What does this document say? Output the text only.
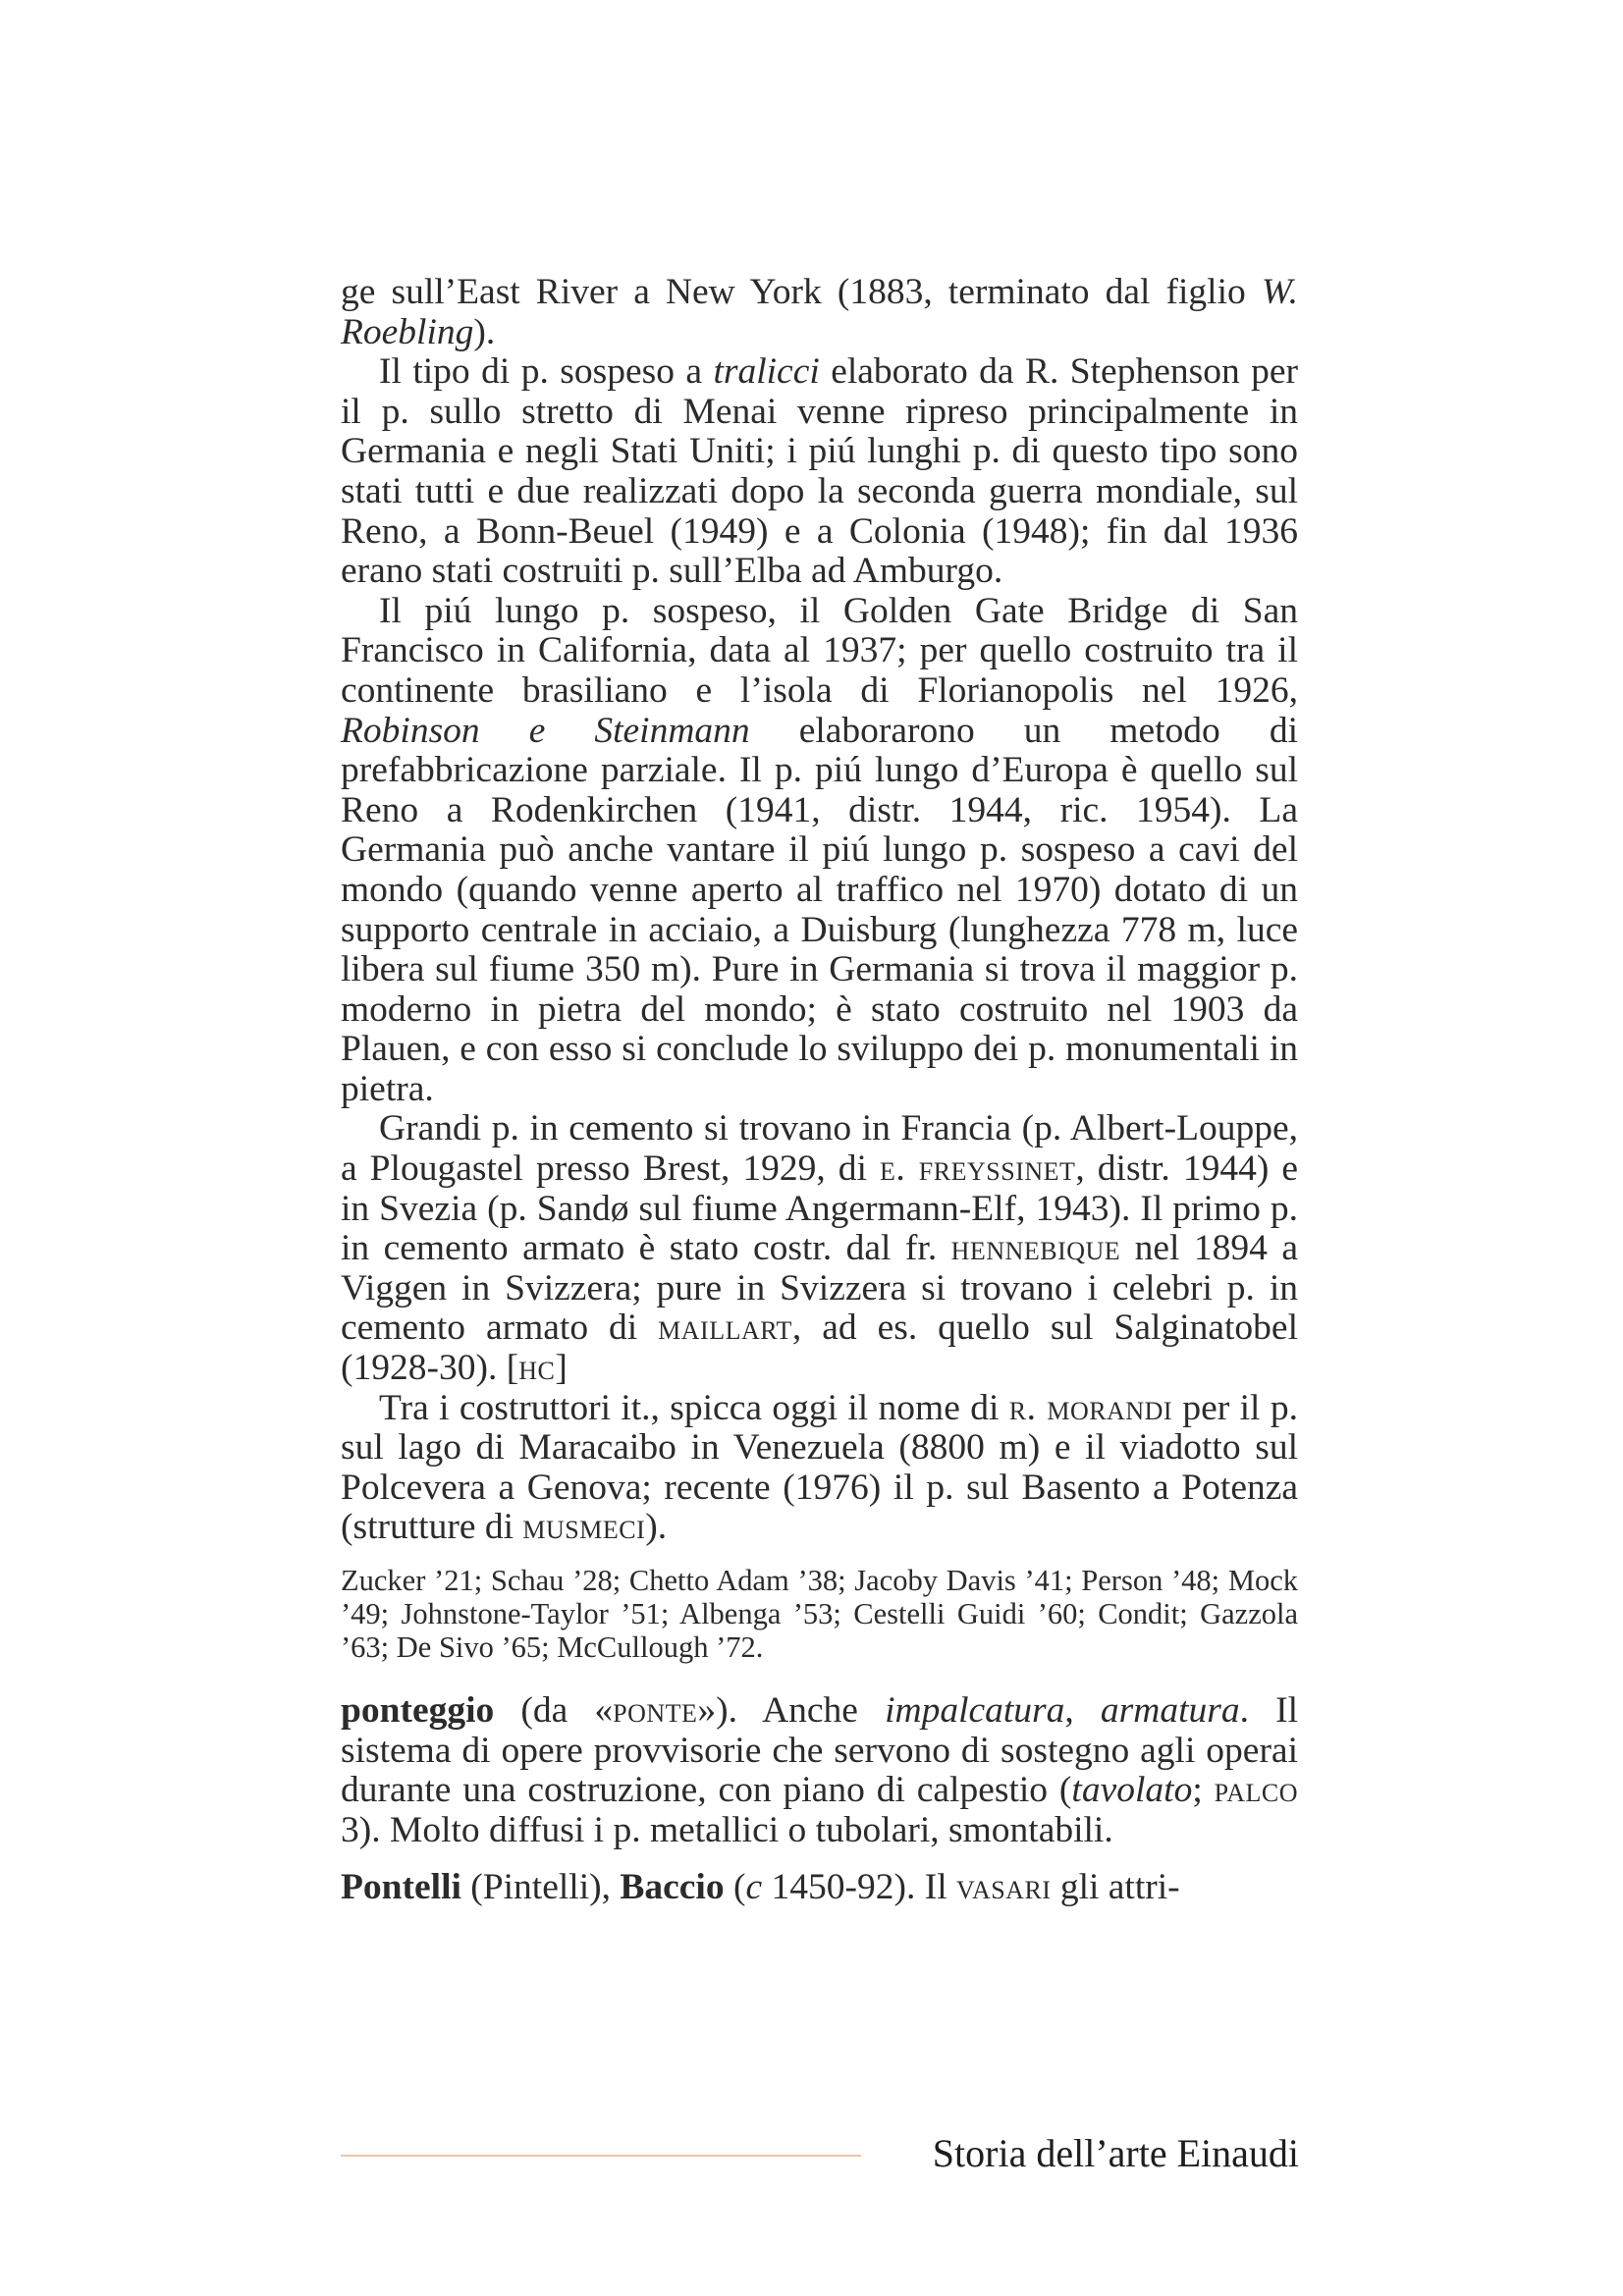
ge sull’East River a New York (1883, terminato dal figlio W. Roebling).

Il tipo di p. sospeso a tralicci elaborato da R. Stephenson per il p. sullo stretto di Menai venne ripreso principalmente in Germania e negli Stati Uniti; i piú lunghi p. di questo tipo sono stati tutti e due realizzati dopo la seconda guerra mondiale, sul Reno, a Bonn-Beuel (1949) e a Colonia (1948); fin dal 1936 erano stati costruiti p. sull’Elba ad Amburgo.

Il piú lungo p. sospeso, il Golden Gate Bridge di San Francisco in California, data al 1937; per quello costruito tra il continente brasiliano e l’isola di Florianopolis nel 1926, Robinson e Steinmann elaborarono un metodo di prefabbricazione parziale. Il p. piú lungo d’Europa è quello sul Reno a Rodenkirchen (1941, distr. 1944, ric. 1954). La Germania può anche vantare il piú lungo p. sospeso a cavi del mondo (quando venne aperto al traffico nel 1970) dotato di un supporto centrale in acciaio, a Duisburg (lunghezza 778 m, luce libera sul fiume 350 m). Pure in Germania si trova il maggior p. moderno in pietra del mondo; è stato costruito nel 1903 da Plauen, e con esso si conclude lo sviluppo dei p. monumentali in pietra.

Grandi p. in cemento si trovano in Francia (p. Albert-Louppe, a Plougastel presso Brest, 1929, di e. freyssinet, distr. 1944) e in Svezia (p. Sandø sul fiume Angermann-Elf, 1943). Il primo p. in cemento armato è stato costr. dal fr. hennebique nel 1894 a Viggen in Svizzera; pure in Svizzera si trovano i celebri p. in cemento armato di maillart, ad es. quello sul Salginatobel (1928-30). [hc]

Tra i costruttori it., spicca oggi il nome di r. morandi per il p. sul lago di Maracaibo in Venezuela (8800 m) e il viadotto sul Polcevera a Genova; recente (1976) il p. sul Basento a Potenza (strutture di musmeci).

Zucker ’21; Schau ’28; Chetto Adam ’38; Jacoby Davis ’41; Person ’48; Mock ’49; Johnstone-Taylor ’51; Albenga ’53; Cestelli Guidi ’60; Condit; Gazzola ’63; De Sivo ’65; McCullough ’72.

ponteggio (da «ponte»). Anche impalcatura, armatura. Il sistema di opere provvisorie che servono di sostegno agli operai durante una costruzione, con piano di calpestio (tavolato; palco 3). Molto diffusi i p. metallici o tubolari, smontabili.

Pontelli (Pintelli), Baccio (c 1450-92). Il vasari gli attri-

Storia dell’arte Einaudi
